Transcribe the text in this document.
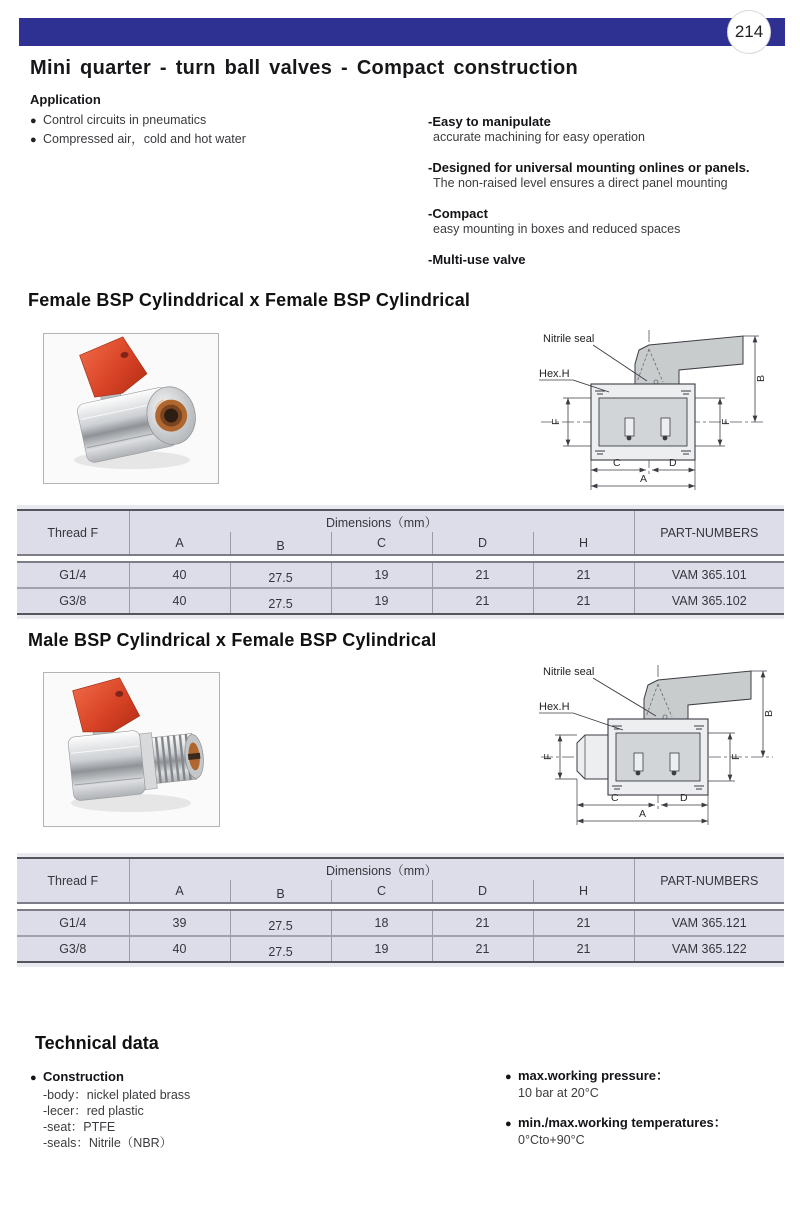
214
Mini quarter - turn ball valves - Compact construction
Application
● Control circuits in pneumatics
● Compressed air，cold and hot water
-Easy to manipulate
accurate machining for easy operation
-Designed for universal mounting onlines or panels.
The non-raised level ensures a direct panel mounting
-Compact
easy mounting in boxes and reduced spaces
-Multi-use valve
Female BSP Cylinddrical x Female BSP Cylindrical
Nitrile seal
Hex.H
F	F
B
C	D
A
Thread F	Dimensions（mm）					PART-NUMBERS
	A	B	C	D	H	

G1/4	40	27.5	19	21	21	VAM 365.101
G3/8	40	27.5	19	21	21	VAM 365.102
Male BSP Cylindrical x Female BSP Cylindrical
Nitrile seal
Hex.H
F	F
B
C	D
A
Thread F	Dimensions（mm）					PART-NUMBERS
	A	B	C	D	H	

G1/4	39	27.5	18	21	21	VAM 365.121
G3/8	40	27.5	19	21	21	VAM 365.122
Technical data
● Construction
-body：nickel plated brass
-lecer：red plastic
-seat：PTFE
-seals：Nitrile（NBR）
● max.working pressure：
10 bar at 20°C
● min./max.working temperatures：
0°Cto+90°C
